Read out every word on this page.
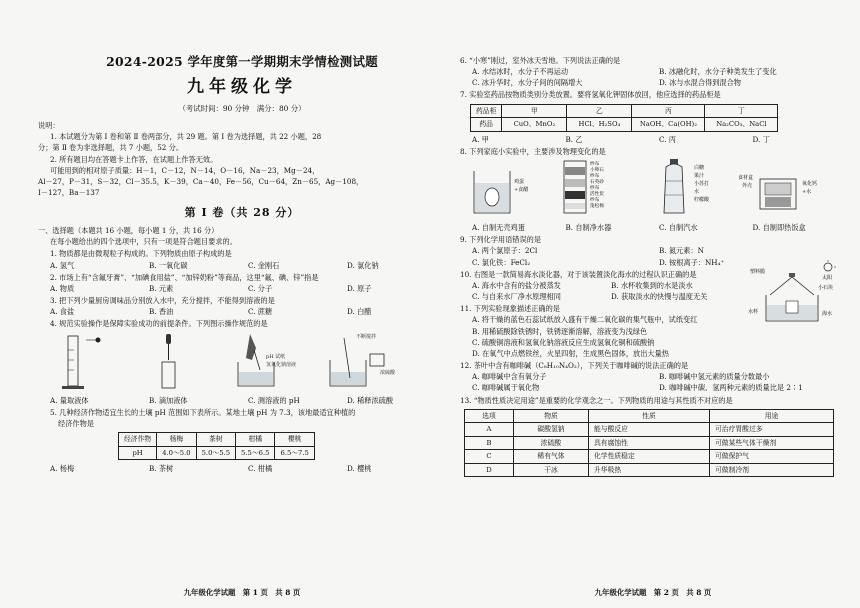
2024-2025 学年度第一学期期末学情检测试题
九年级化学
（考试时间：90 分钟　满分：80 分）

说明：

1. 本试题分为第 Ⅰ 卷和第 Ⅱ 卷两部分，共 29 题。第 Ⅰ 卷为选择题，共 22 小题，28

分；第 Ⅱ 卷为非选择题，共 7 小题，52 分。

2. 所有题目均在答题卡上作答，在试题上作答无效。

可能用到的相对原子质量：H－1，C－12，N－14，O－16，Na－23，Mg－24，

Al－27，P－31，S－32，Cl－35.5，K－39，Ca－40，Fe－56，Cu－64，Zn－65，Ag－108，

I－127，Ba－137

第 Ⅰ 卷（共 28 分）

一、选择题（本题共 16 小题，每小题 1 分，共 16 分）

在每小题给出的四个选项中，只有一项是符合题目要求的。

1. 物质都是由微观粒子构成的。下列物质由原子构成的是

A. 氢气	B. 一氧化碳	C. 金刚石	D. 氯化钠

2. 市场上有“含氟牙膏”、“加碘食用盐”、“加锌奶粉”等商品，这里“氟、碘、锌”指是

A. 物质	B. 元素	C. 分子	D. 原子

3. 把下列少量厨房调味品分别放入水中，充分搅拌，不能得到溶液的是

A. 食盐	B. 香油	C. 蔗糖	D. 白醋

4. 规范实验操作是保障实验成功的前提条件。下列图示操作规范的是

pH 试纸
氢氧化钠溶液
不断搅拌
浓硫酸
A. 量取液体	B. 滴加液体	C. 测溶液的 pH	D. 稀释浓硫酸

5. 几种经济作物适宜生长的土壤 pH 范围如下表所示。某地土壤 pH 为 7.3，该地最适宜种植的

经济作物是

经济作物	杨梅	茶树	柑橘	樱桃
pH	4.0～5.0	5.0～5.5	5.5～6.5	6.5～7.5
A. 杨梅	B. 茶树	C. 柑橘	D. 樱桃
九年级化学试题　第 1 页　共 8 页

6. “小寒”刚过，室外冰天雪地。下列说法正确的是

A. 水结冰时，水分子不再运动	B. 冰融化时，水分子种类发生了变化
C. 冰升华时，水分子间的间隔增大	D. 冰与水混合得到混合物

7. 实验室药品按物质类别分类放置。要将氢氧化钾固体放回，他应选择的药品柜是

药品柜	甲	乙	丙	丁
药品	CuO、MnO₂	HCl、H₂SO₄	NaOH、Ca(OH)₂	Na₂CO₃、NaCl
A. 甲	B. 乙	C. 丙	D. 丁

8. 下列家庭小实验中，主要涉及物理变化的是

鸡蛋
+食醋
纱布
小卵石
纱布
石英砂
纱布
活性炭
纱布
蓬松棉
白糖
果汁
小苏打
水
柠檬酸
食材盒
外壳	氧化钙
+水
A. 自制无壳鸡蛋	B. 自制净水器	C. 自制汽水	D. 自制即热饭盒

9. 下列化学用语错误的是

A. 两个氯原子：2Cl	B. 氮元素：N
C. 氯化铁：FeCl₂	D. 铵根离子：NH₄⁺

10. 右图是一款简易海水淡化器，对于该装置淡化海水的过程认识正确的是

A. 海水中含有的盐分被蒸发	B. 水杯收集到的水是淡水
C. 与自来水厂净水原理相同	D. 获取淡水的快慢与温度无关
塑料膜
太阳
小石块
海水
水杯

11. 下列实验现象描述正确的是

A. 将干燥的蓝色石蕊试纸放入盛有干燥二氧化碳的集气瓶中，试纸变红

B. 用稀硫酸除铁锈时，铁锈逐渐溶解，溶液变为浅绿色

C. 硫酸铜溶液和氢氧化钠溶液反应生成氢氧化铜和硫酸钠

D. 在氧气中点燃铁丝，火星四射，生成黑色固体，放出大量热

12. 茶叶中含有咖啡碱（C₈H₁₀N₄O₂），下列关于咖啡碱的说法正确的是

A. 咖啡碱中含有氧分子	B. 咖啡碱中氢元素的质量分数最小
C. 咖啡碱属于氧化物	D. 咖啡碱中碳、氢两种元素的质量比是 2∶1

13. “物质性质决定用途”是重要的化学观念之一。下列物质的用途与其性质不对应的是

选项	物质	性质	用途
A	碳酸氢钠	能与酸反应	可治疗胃酸过多
B	浓硫酸	具有腐蚀性	可做某些气体干燥剂
C	稀有气体	化学性质稳定	可做保护气
D	干冰	升华吸热	可做制冷剂
九年级化学试题　第 2 页　共 8 页
